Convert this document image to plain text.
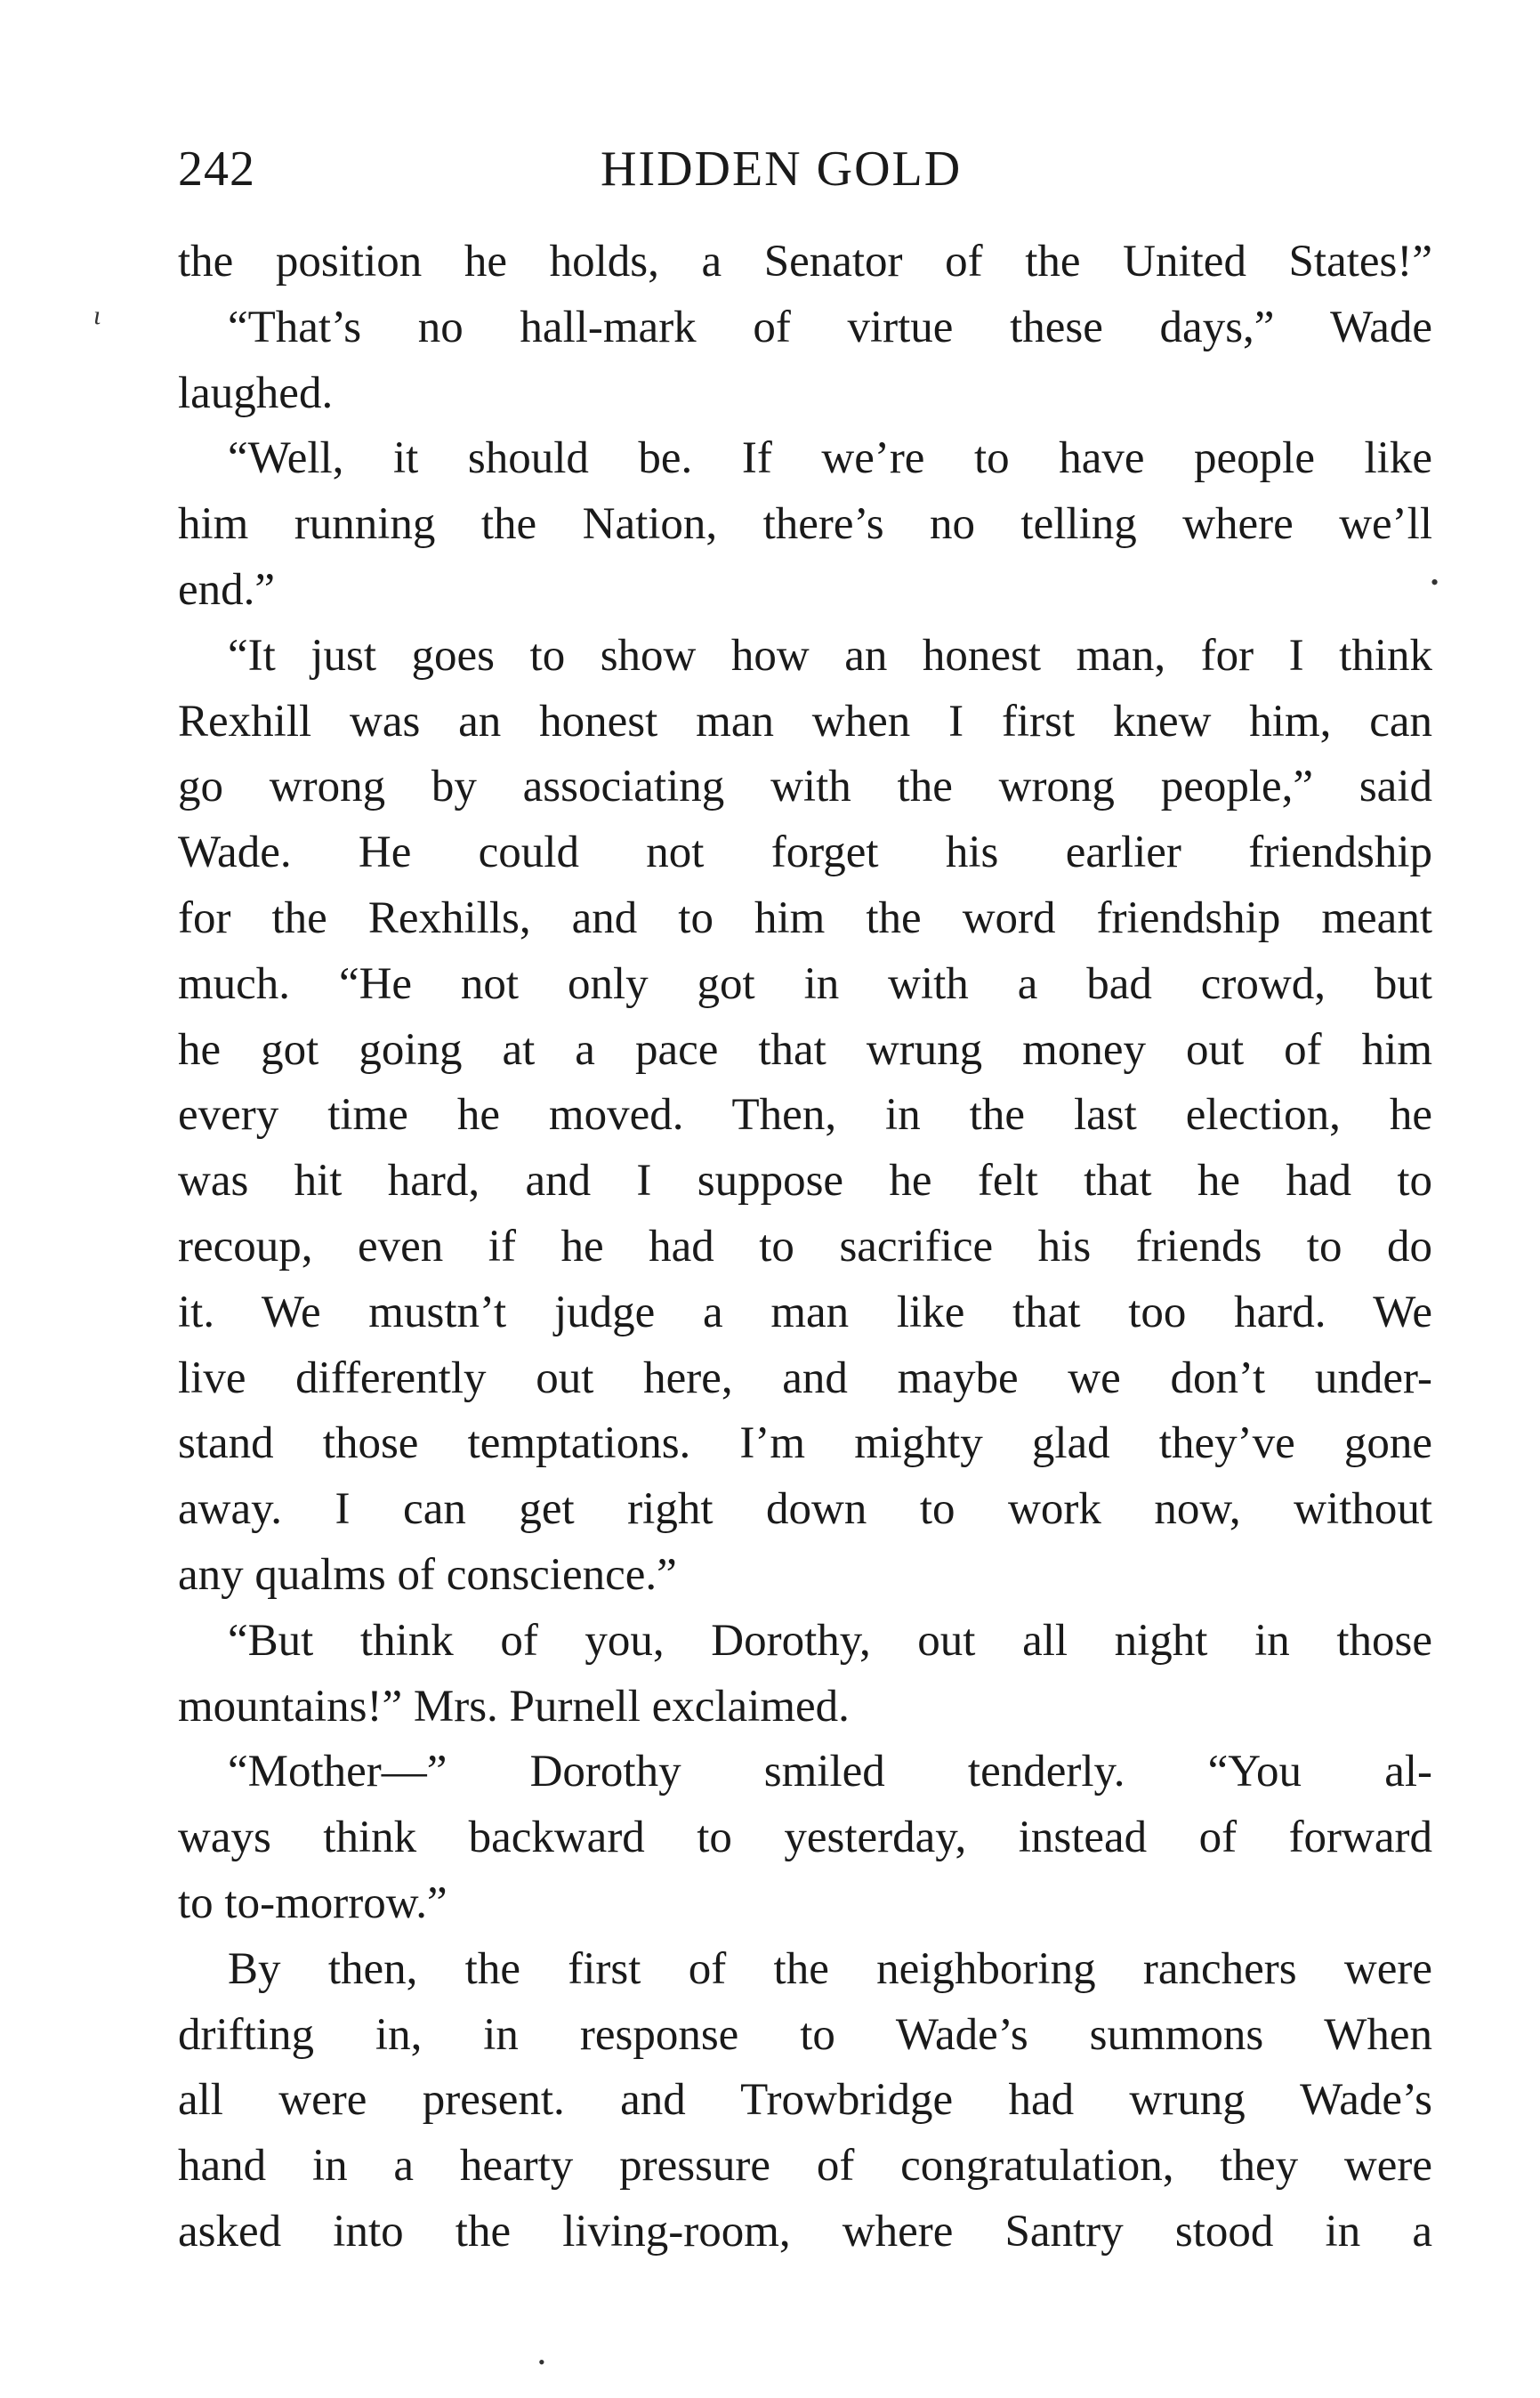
242	HIDDEN GOLD
ι
•
•
the position he holds, a Senator of the United States!”
“That’s no hall-mark of virtue these days,” Wade
laughed.
“Well, it should be. If we’re to have people like
him running the Nation, there’s no telling where we’ll
end.”
“It just goes to show how an honest man, for I think
Rexhill was an honest man when I first knew him, can
go wrong by associating with the wrong people,” said
Wade. He could not forget his earlier friendship
for the Rexhills, and to him the word friendship meant
much. “He not only got in with a bad crowd, but
he got going at a pace that wrung money out of him
every time he moved. Then, in the last election, he
was hit hard, and I suppose he felt that he had to
recoup, even if he had to sacrifice his friends to do
it. We mustn’t judge a man like that too hard. We
live differently out here, and maybe we don’t under-
stand those temptations. I’m mighty glad they’ve gone
away. I can get right down to work now, without
any qualms of conscience.”
“But think of you, Dorothy, out all night in those
mountains!” Mrs. Purnell exclaimed.
“Mother—” Dorothy smiled tenderly. “You al-
ways think backward to yesterday, instead of forward
to to-morrow.”
By then, the first of the neighboring ranchers were
drifting in, in response to Wade’s summons When
all were present. and Trowbridge had wrung Wade’s
hand in a hearty pressure of congratulation, they were
asked into the living-room, where Santry stood in a
